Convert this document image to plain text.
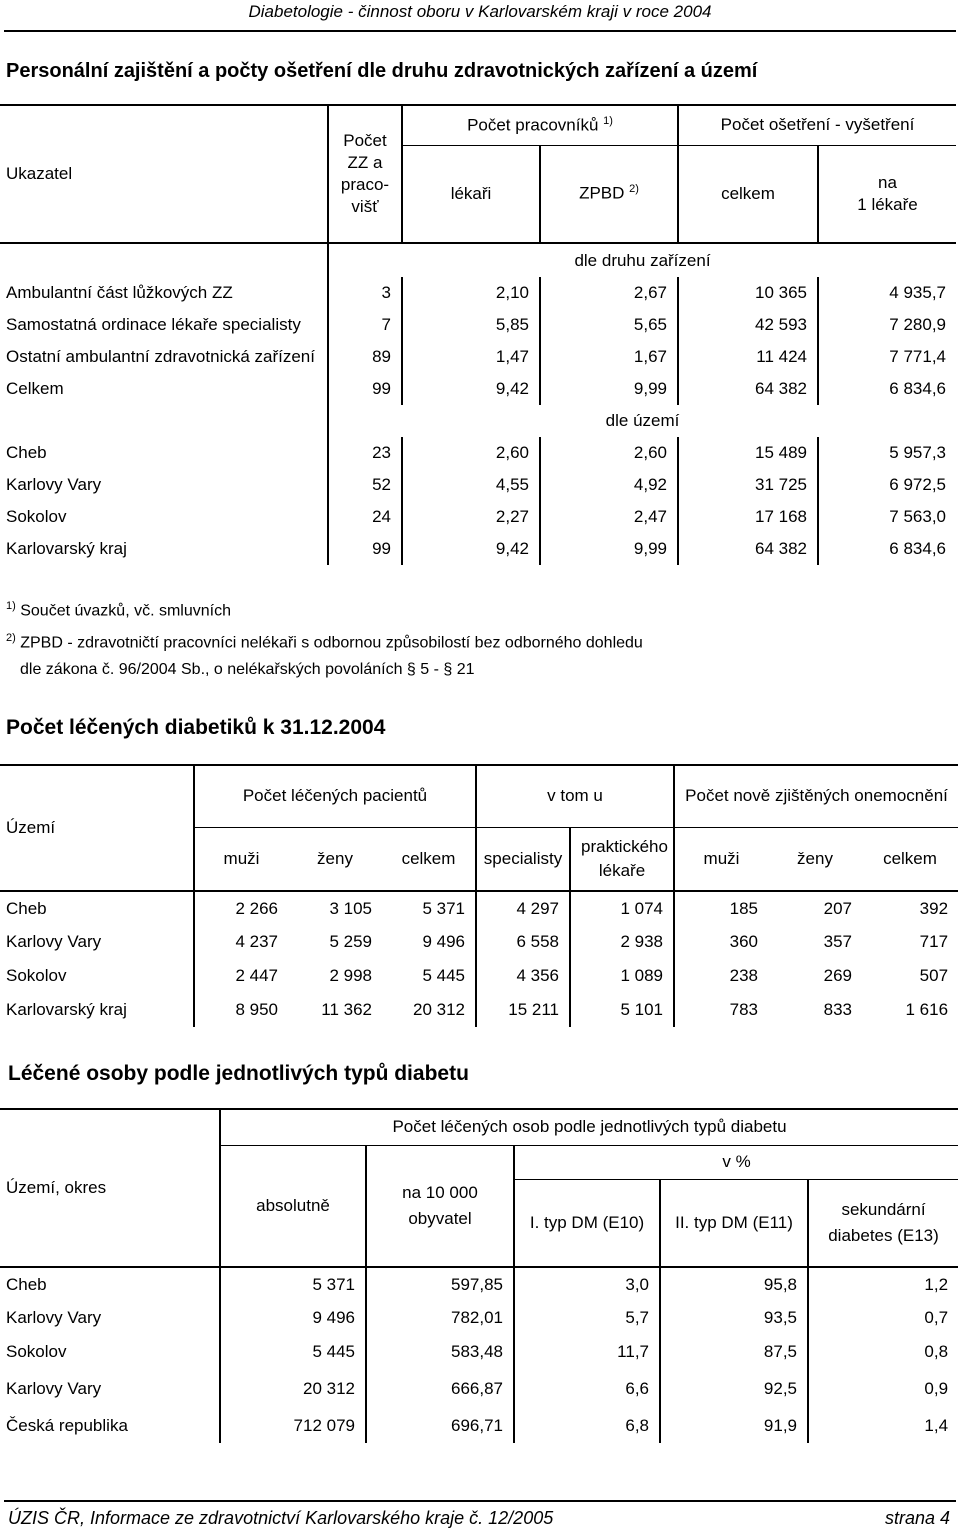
Diabetologie - činnost oboru v Karlovarském kraji v roce 2004
Personální zajištění a počty ošetření dle druhu zdravotnických zařízení a území
Ukazatel	Počet
ZZ a
praco-
višť	Počet pracovníků $^{1)}$		Počet ošetření - vyšetření	
		lékaři	ZPBD $^{2)}$	celkem	na
1 lékaře

	dle druhu zařízení				
Ambulantní část lůžkových ZZ	3	2,10	2,67	10 365	4 935,7
Samostatná ordinace lékaře specialisty	7	5,85	5,65	42 593	7 280,9
Ostatní ambulantní zdravotnická zařízení	89	1,47	1,67	11 424	7 771,4
Celkem	99	9,42	9,99	64 382	6 834,6
	dle území				
Cheb	23	2,60	2,60	15 489	5 957,3
Karlovy Vary	52	4,55	4,92	31 725	6 972,5
Sokolov	24	2,27	2,47	17 168	7 563,0
Karlovarský kraj	99	9,42	9,99	64 382	6 834,6
$^{1)}$ Součet úvazků, vč. smluvních
$^{2)}$ ZPBD - zdravotničtí pracovníci nelékaři s odbornou způsobilostí bez odborného dohledu
dle zákona č. 96/2004 Sb., o nelékařských povoláních § 5 - § 21
Počet léčených diabetiků k 31.12.2004
Území	Počet léčených pacientů			v tom u		Počet nově zjištěných onemocnění		
	muži	ženy	celkem	specialisty	praktického
lékaře	muži	ženy	celkem
Cheb	2 266	3 105	5 371	4 297	1 074	185	207	392
Karlovy Vary	4 237	5 259	9 496	6 558	2 938	360	357	717
Sokolov	2 447	2 998	5 445	4 356	1 089	238	269	507
Karlovarský kraj	8 950	11 362	20 312	15 211	5 101	783	833	1 616
Léčené osoby podle jednotlivých typů diabetu
Území, okres	Počet léčených osob podle jednotlivých typů diabetu				
	absolutně	na 10 000
obyvatel	v %		
			I. typ DM (E10)	II. typ DM (E11)	sekundární
diabetes (E13)

Cheb	5 371	597,85	3,0	95,8	1,2
Karlovy Vary	9 496	782,01	5,7	93,5	0,7
Sokolov	5 445	583,48	11,7	87,5	0,8
Karlovy Vary	20 312	666,87	6,6	92,5	0,9
Česká republika	712 079	696,71	6,8	91,9	1,4
ÚZIS ČR, Informace ze zdravotnictví Karlovarského kraje č. 12/2005	strana 4
